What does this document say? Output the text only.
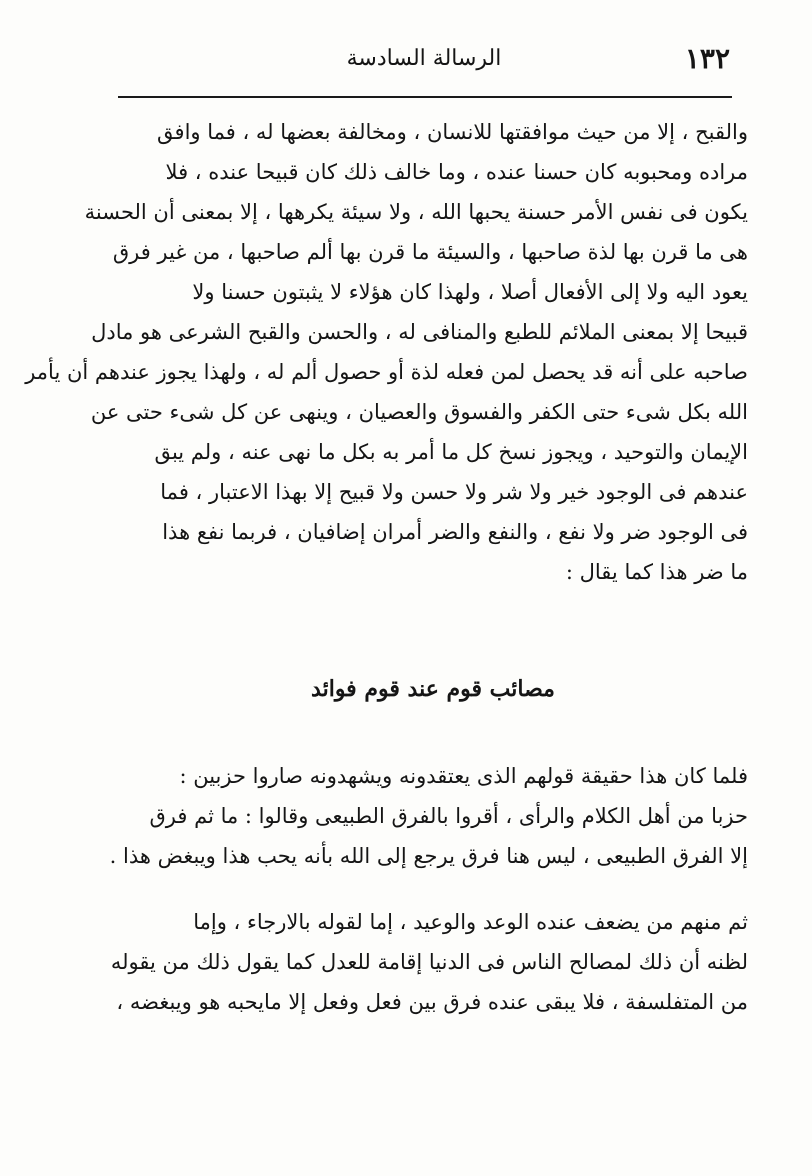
١٣٢
الرسالة السادسة
والقبح ، إلا من حيث موافقتها للانسان ، ومخالفة بعضها له ، فما وافق
مراده ومحبوبه كان حسنا عنده ، وما خالف ذلك كان قبيحا عنده ، فلا
يكون فى نفس الأمر حسنة يحبها الله ، ولا سيئة يكرهها ، إلا بمعنى أن الحسنة
هى ما قرن بها لذة صاحبها ، والسيئة ما قرن بها ألم صاحبها ، من غير فرق
يعود اليه ولا إلى الأفعال أصلا ، ولهذا كان هؤلاء لا يثبتون حسنا ولا
قبيحا إلا بمعنى الملائم للطبع والمنافى له ، والحسن والقبح الشرعى هو مادل
صاحبه على أنه قد يحصل لمن فعله لذة أو حصول ألم له ، ولهذا يجوز عندهم أن يأمر
الله بكل شىء حتى الكفر والفسوق والعصيان ، وينهى عن كل شىء حتى عن
الإيمان والتوحيد ، ويجوز نسخ كل ما أمر به بكل ما نهى عنه ، ولم يبق
عندهم فى الوجود خير ولا شر ولا حسن ولا قبيح إلا بهذا الاعتبار ، فما
فى الوجود ضر ولا نفع ، والنفع والضر أمران إضافيان ، فربما نفع هذا
ما ضر هذا كما يقال :
مصائب قوم عند قوم فوائد
فلما كان هذا حقيقة قولهم الذى يعتقدونه ويشهدونه صاروا حزبين :
حزبا من أهل الكلام والرأى ، أقروا بالفرق الطبيعى وقالوا : ما ثم فرق
إلا الفرق الطبيعى ، ليس هنا فرق يرجع إلى الله بأنه يحب هذا ويبغض هذا .
ثم منهم من يضعف عنده الوعد والوعيد ، إما لقوله بالارجاء ، وإما
لظنه أن ذلك لمصالح الناس فى الدنيا إقامة للعدل كما يقول ذلك من يقوله
من المتفلسفة ، فلا يبقى عنده فرق بين فعل وفعل إلا مايحبه هو ويبغضه ،
